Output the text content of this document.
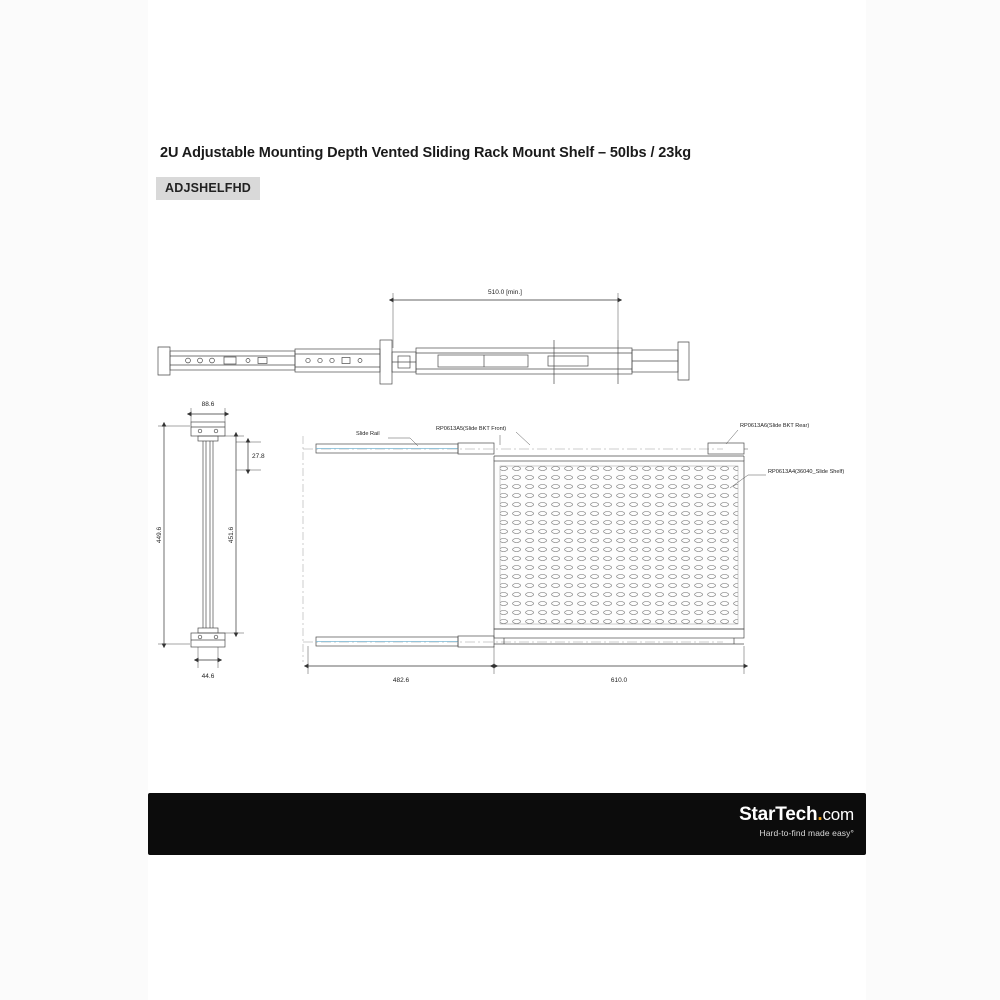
2U Adjustable Mounting Depth Vented Sliding Rack Mount Shelf – 50lbs / 23kg
ADJSHELFHD
510.0 [min.]
88.6
27.8
449.6	451.6
44.6
RP0613A5(Slide BKT Front)
Slide Rail
RP0613A6(Slide BKT Rear)
RP0613A4(36040_Slide Shelf)
482.6	610.0
StarTech.com
Hard-to-find made easy°
